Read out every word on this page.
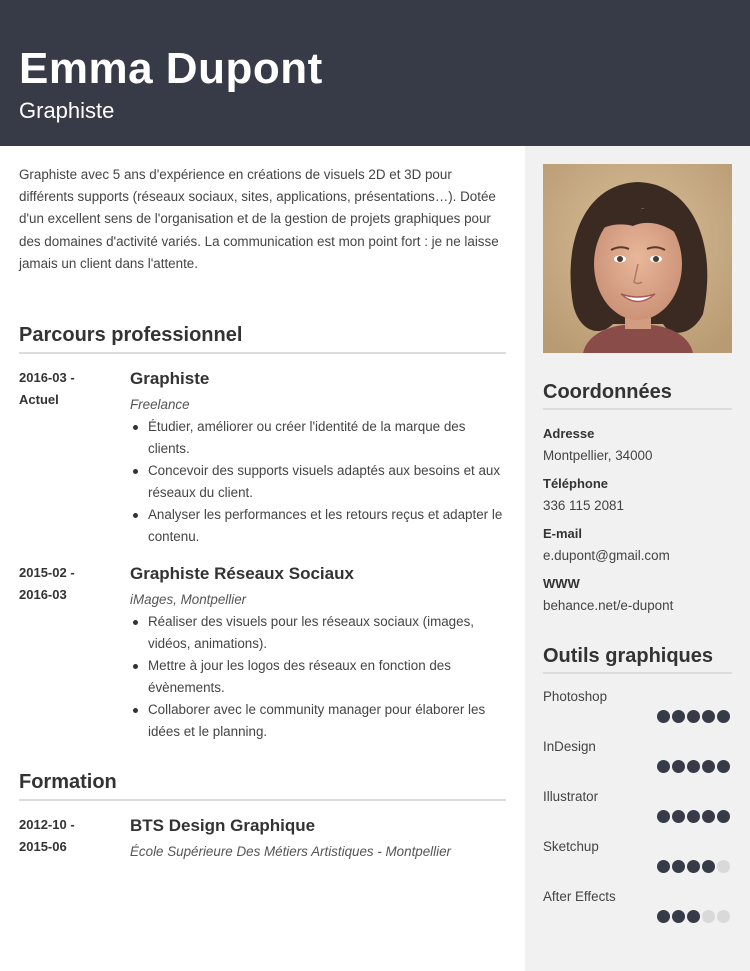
Emma Dupont
Graphiste

Graphiste avec 5 ans d'expérience en créations de visuels 2D et 3D pour différents supports (réseaux sociaux, sites, applications, présentations…). Dotée d'un excellent sens de l'organisation et de la gestion de projets graphiques pour des domaines d'activité variés. La communication est mon point fort : je ne laisse jamais un client dans l'attente.

Parcours professionnel
2016-03 -
Actuel
Graphiste
Freelance
Étudier, améliorer ou créer l'identité de la marque des clients.
Concevoir des supports visuels adaptés aux besoins et aux réseaux du client.
Analyser les performances et les retours reçus et adapter le contenu.
2015-02 -
2016-03
Graphiste Réseaux Sociaux
iMages, Montpellier
Réaliser des visuels pour les réseaux sociaux (images, vidéos, animations).
Mettre à jour les logos des réseaux en fonction des évènements.
Collaborer avec le community manager pour élaborer les idées et le planning.
Formation
2012-10 -
2015-06
BTS Design Graphique
École Supérieure Des Métiers Artistiques - Montpellier
Coordonnées
Adresse
Montpellier, 34000
Téléphone
336 115 2081
E-mail
e.dupont@gmail.com
WWW
behance.net/e-dupont
Outils graphiques
Photoshop
InDesign
Illustrator
Sketchup
After Effects
